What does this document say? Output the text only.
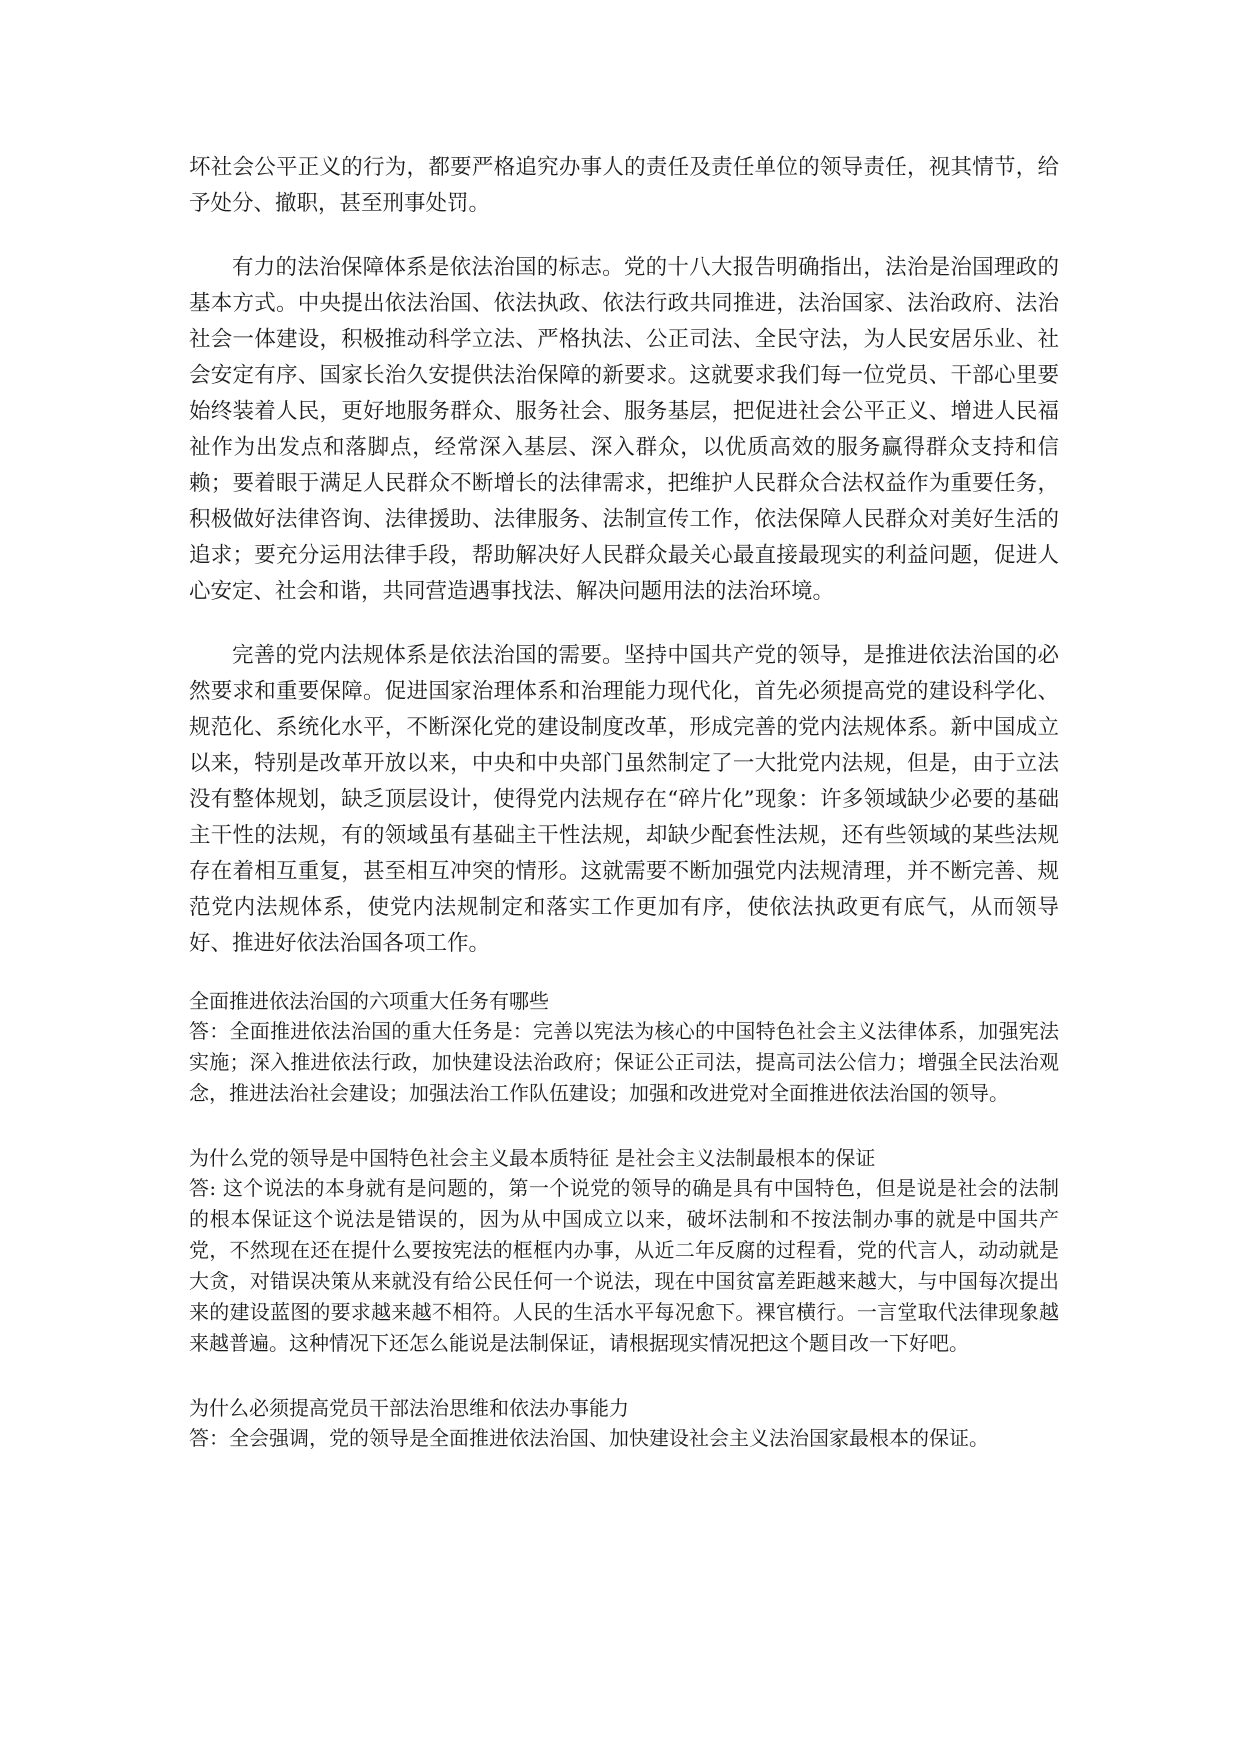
坏社会公平正义的行为，都要严格追究办事人的责任及责任单位的领导责任，视其情节，给予处分、撤职，甚至刑事处罚。

有力的法治保障体系是依法治国的标志。党的十八大报告明确指出，法治是治国理政的基本方式。中央提出依法治国、依法执政、依法行政共同推进，法治国家、法治政府、法治社会一体建设，积极推动科学立法、严格执法、公正司法、全民守法，为人民安居乐业、社会安定有序、国家长治久安提供法治保障的新要求。这就要求我们每一位党员、干部心里要始终装着人民，更好地服务群众、服务社会、服务基层，把促进社会公平正义、增进人民福祉作为出发点和落脚点，经常深入基层、深入群众，以优质高效的服务赢得群众支持和信赖；要着眼于满足人民群众不断增长的法律需求，把维护人民群众合法权益作为重要任务，积极做好法律咨询、法律援助、法律服务、法制宣传工作，依法保障人民群众对美好生活的追求；要充分运用法律手段，帮助解决好人民群众最关心最直接最现实的利益问题，促进人心安定、社会和谐，共同营造遇事找法、解决问题用法的法治环境。

完善的党内法规体系是依法治国的需要。坚持中国共产党的领导，是推进依法治国的必然要求和重要保障。促进国家治理体系和治理能力现代化，首先必须提高党的建设科学化、规范化、系统化水平，不断深化党的建设制度改革，形成完善的党内法规体系。新中国成立以来，特别是改革开放以来，中央和中央部门虽然制定了一大批党内法规，但是，由于立法没有整体规划，缺乏顶层设计，使得党内法规存在“碎片化”现象：许多领域缺少必要的基础主干性的法规，有的领域虽有基础主干性法规，却缺少配套性法规，还有些领域的某些法规存在着相互重复，甚至相互冲突的情形。这就需要不断加强党内法规清理，并不断完善、规范党内法规体系，使党内法规制定和落实工作更加有序，使依法执政更有底气，从而领导好、推进好依法治国各项工作。

全面推进依法治国的六项重大任务有哪些

答：全面推进依法治国的重大任务是：完善以宪法为核心的中国特色社会主义法律体系，加强宪法实施；深入推进依法行政，加快建设法治政府；保证公正司法，提高司法公信力；增强全民法治观念，推进法治社会建设；加强法治工作队伍建设；加强和改进党对全面推进依法治国的领导。

为什么党的领导是中国特色社会主义最本质特征 是社会主义法制最根本的保证

答: 这个说法的本身就有是问题的，第一个说党的领导的确是具有中国特色，但是说是社会的法制的根本保证这个说法是错误的，因为从中国成立以来，破坏法制和不按法制办事的就是中国共产党，不然现在还在提什么要按宪法的框框内办事，从近二年反腐的过程看，党的代言人，动动就是大贪，对错误决策从来就没有给公民任何一个说法，现在中国贫富差距越来越大，与中国每次提出来的建设蓝图的要求越来越不相符。人民的生活水平每况愈下。裸官横行。一言堂取代法律现象越来越普遍。这种情况下还怎么能说是法制保证，请根据现实情况把这个题目改一下好吧。

为什么必须提高党员干部法治思维和依法办事能力

答：全会强调，党的领导是全面推进依法治国、加快建设社会主义法治国家最根本的保证。
